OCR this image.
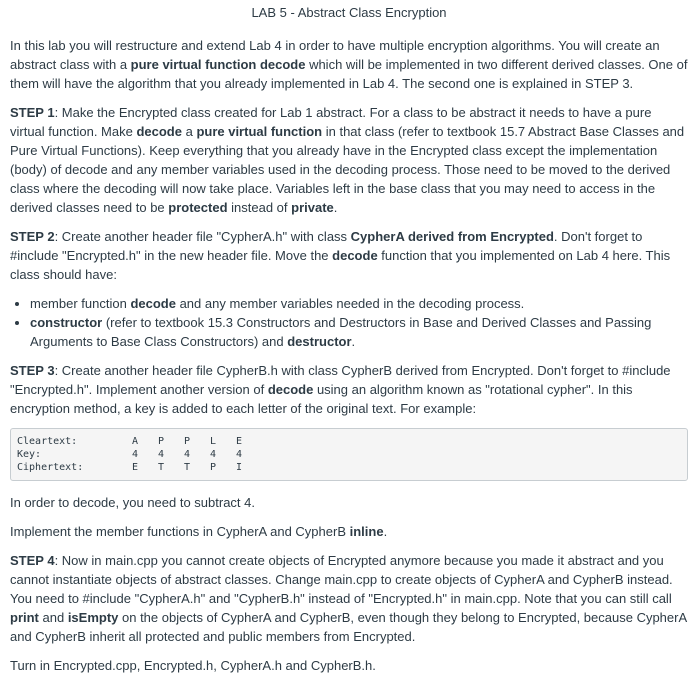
LAB 5 - Abstract Class Encryption

In this lab you will restructure and extend Lab 4 in order to have multiple encryption algorithms. You will create an abstract class with a pure virtual function decode which will be implemented in two different derived classes. One of them will have the algorithm that you already implemented in Lab 4. The second one is explained in STEP 3.

STEP 1: Make the Encrypted class created for Lab 1 abstract. For a class to be abstract it needs to have a pure virtual function. Make decode a pure virtual function in that class (refer to textbook 15.7 Abstract Base Classes and Pure Virtual Functions). Keep everything that you already have in the Encrypted class except the implementation (body) of decode and any member variables used in the decoding process. Those need to be moved to the derived class where the decoding will now take place. Variables left in the base class that you may need to access in the derived classes need to be protected instead of private.

STEP 2: Create another header file "CypherA.h" with class CypherA derived from Encrypted. Don't forget to #include "Encrypted.h" in the new header file. Move the decode function that you implemented on Lab 4 here. This class should have:

• member function decode and any member variables needed in the decoding process.
• constructor (refer to textbook 15.3 Constructors and Destructors in Base and Derived Classes and Passing Arguments to Base Class Constructors) and destructor.

STEP 3: Create another header file CypherB.h with class CypherB derived from Encrypted. Don't forget to #include "Encrypted.h". Implement another version of decode using an algorithm known as "rotational cypher". In this encryption method, a key is added to each letter of the original text. For example:

Cleartext:	A	P	P	L	E
Key:	4	4	4	4	4
Ciphertext:	E	T	T	P	I

In order to decode, you need to subtract 4.

Implement the member functions in CypherA and CypherB inline.

STEP 4: Now in main.cpp you cannot create objects of Encrypted anymore because you made it abstract and you cannot instantiate objects of abstract classes. Change main.cpp to create objects of CypherA and CypherB instead. You need to #include "CypherA.h" and "CypherB.h" instead of "Encrypted.h" in main.cpp. Note that you can still call print and isEmpty on the objects of CypherA and CypherB, even though they belong to Encrypted, because CypherA and CypherB inherit all protected and public members from Encrypted.

Turn in Encrypted.cpp, Encrypted.h, CypherA.h and CypherB.h.
